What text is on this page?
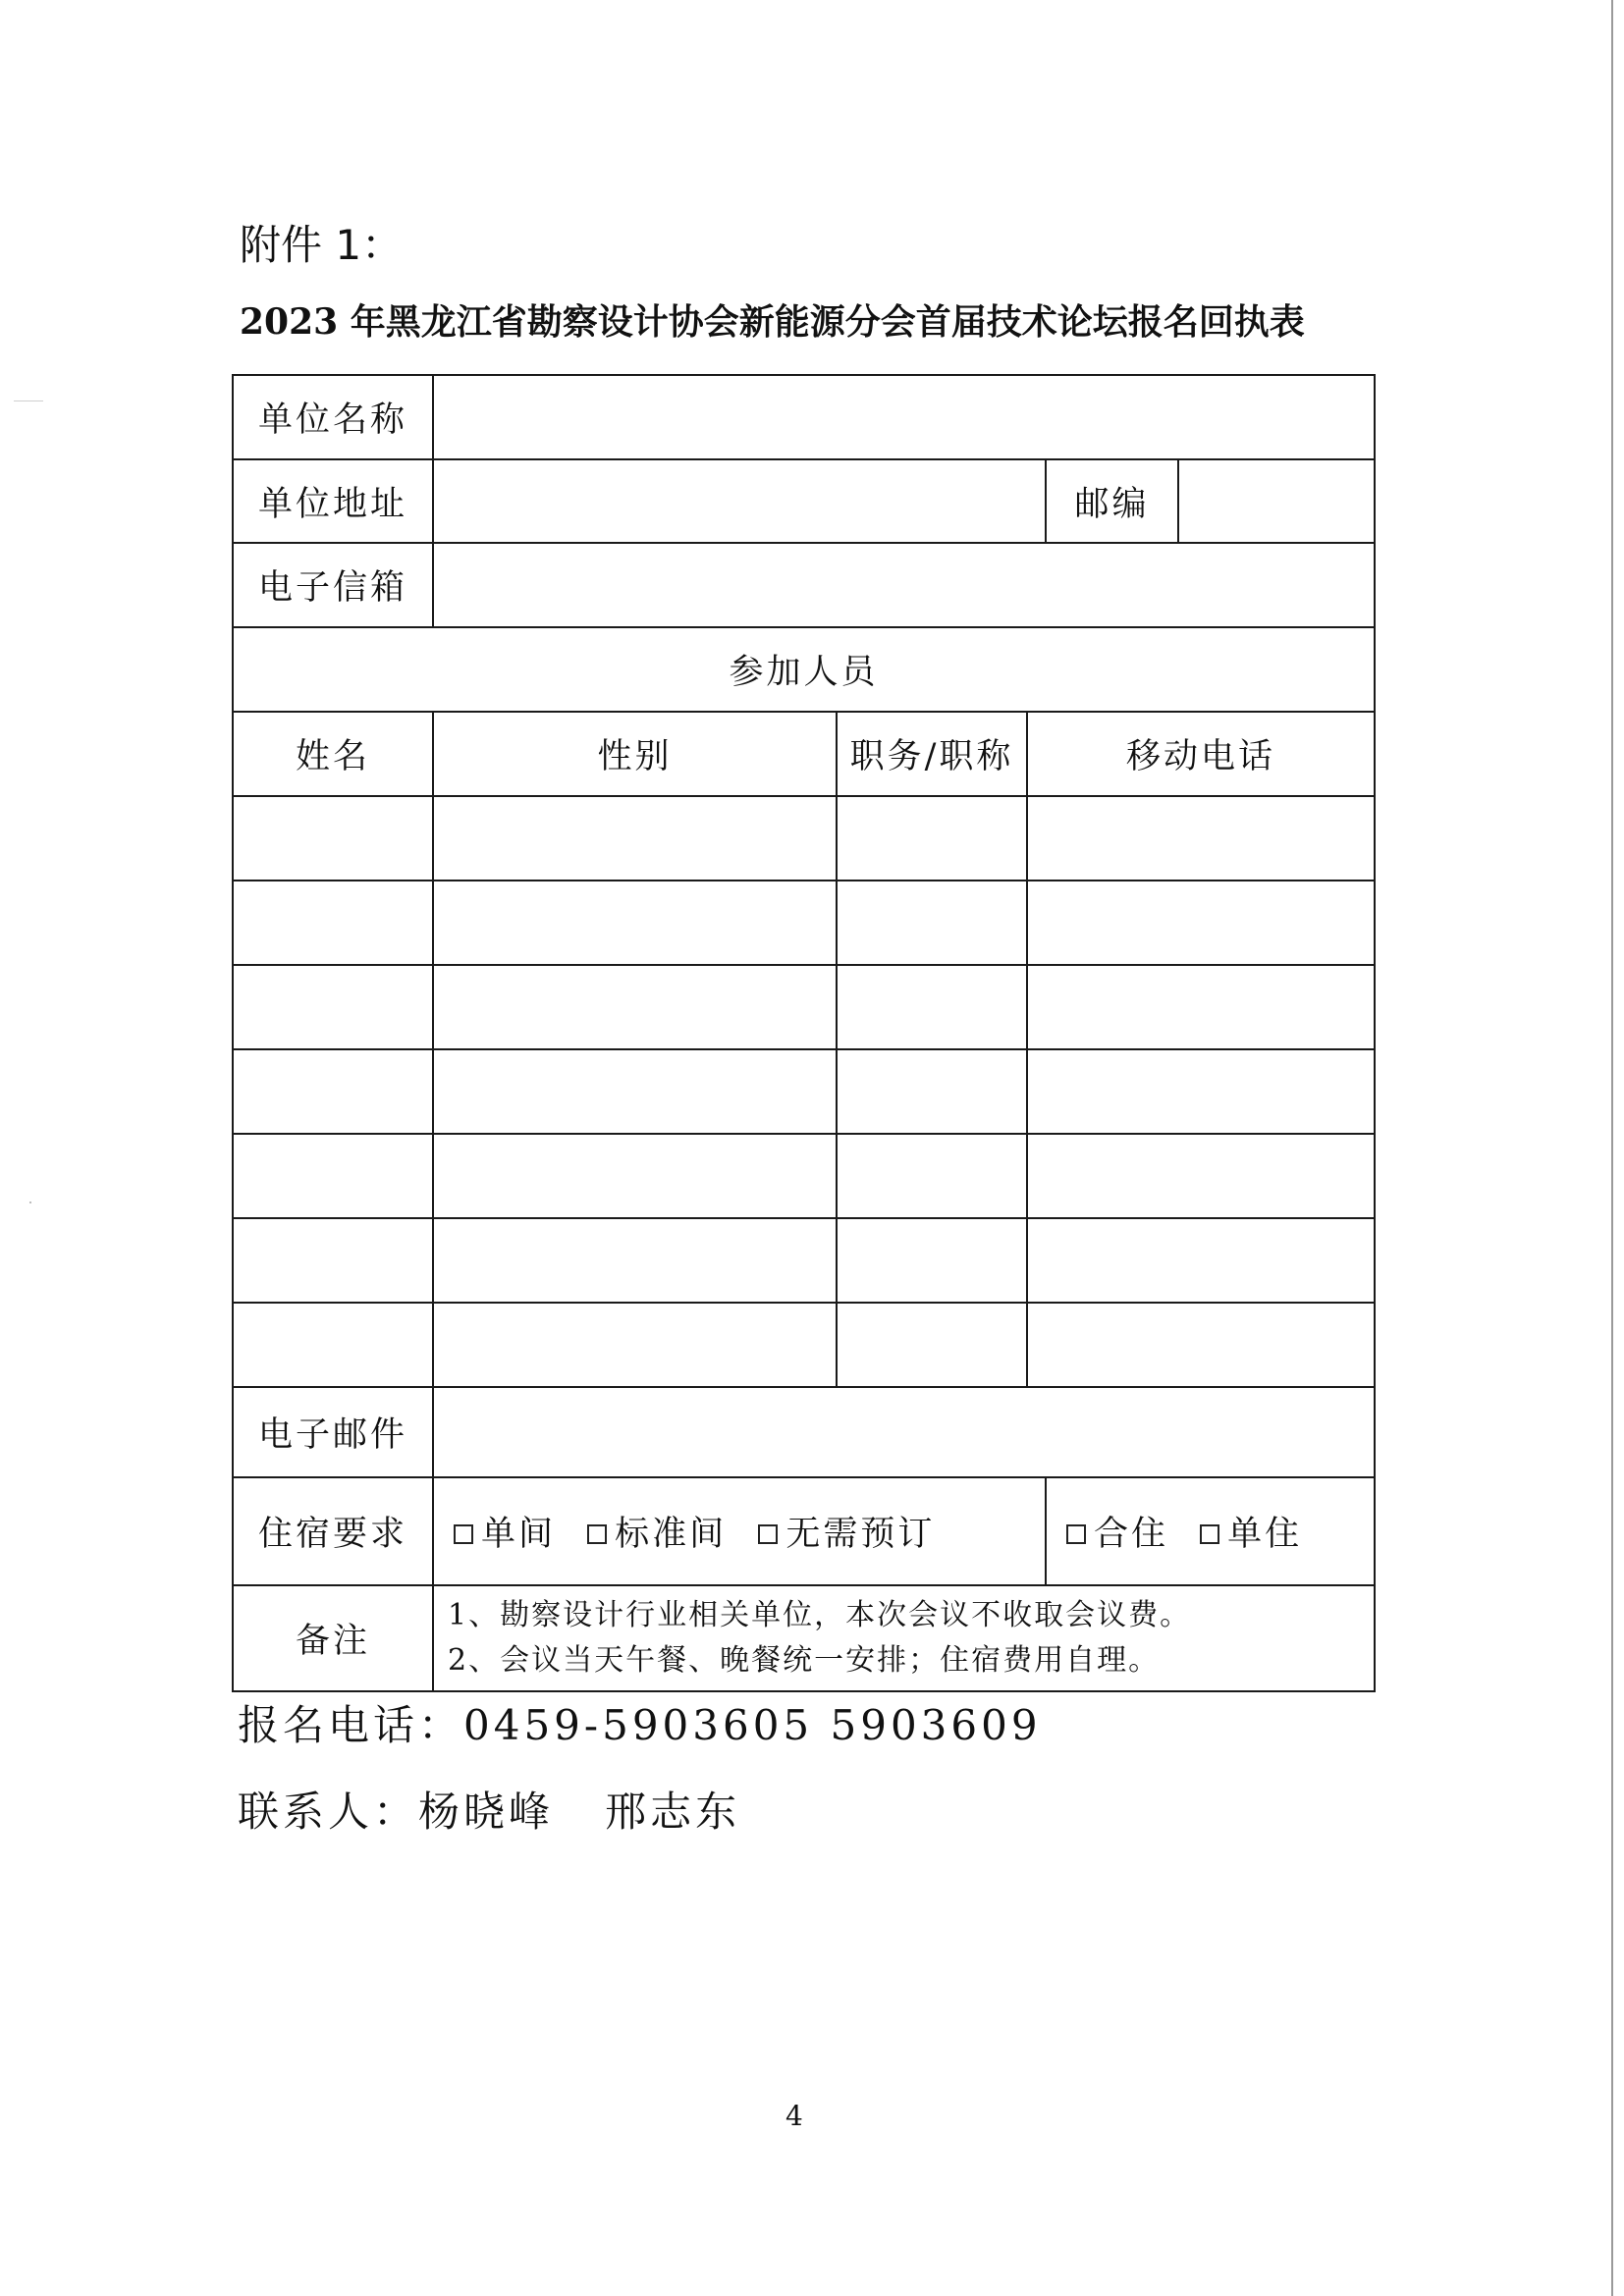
附件 1：
2023 年黑龙江省勘察设计协会新能源分会首届技术论坛报名回执表
单位名称					
单位地址				邮编	
电子信箱					
参加人员					
姓名	性别	职务/职称	移动电话		

电子邮件					
住宿要求	单间 标准间 无需预订			合住 单住	
备注	1、勘察设计行业相关单位，本次会议不收取会议费。
2、会议当天午餐、晚餐统一安排；住宿费用自理。				
报名电话：0459-5903605 5903609
联系人：杨晓峰   邢志东
4
